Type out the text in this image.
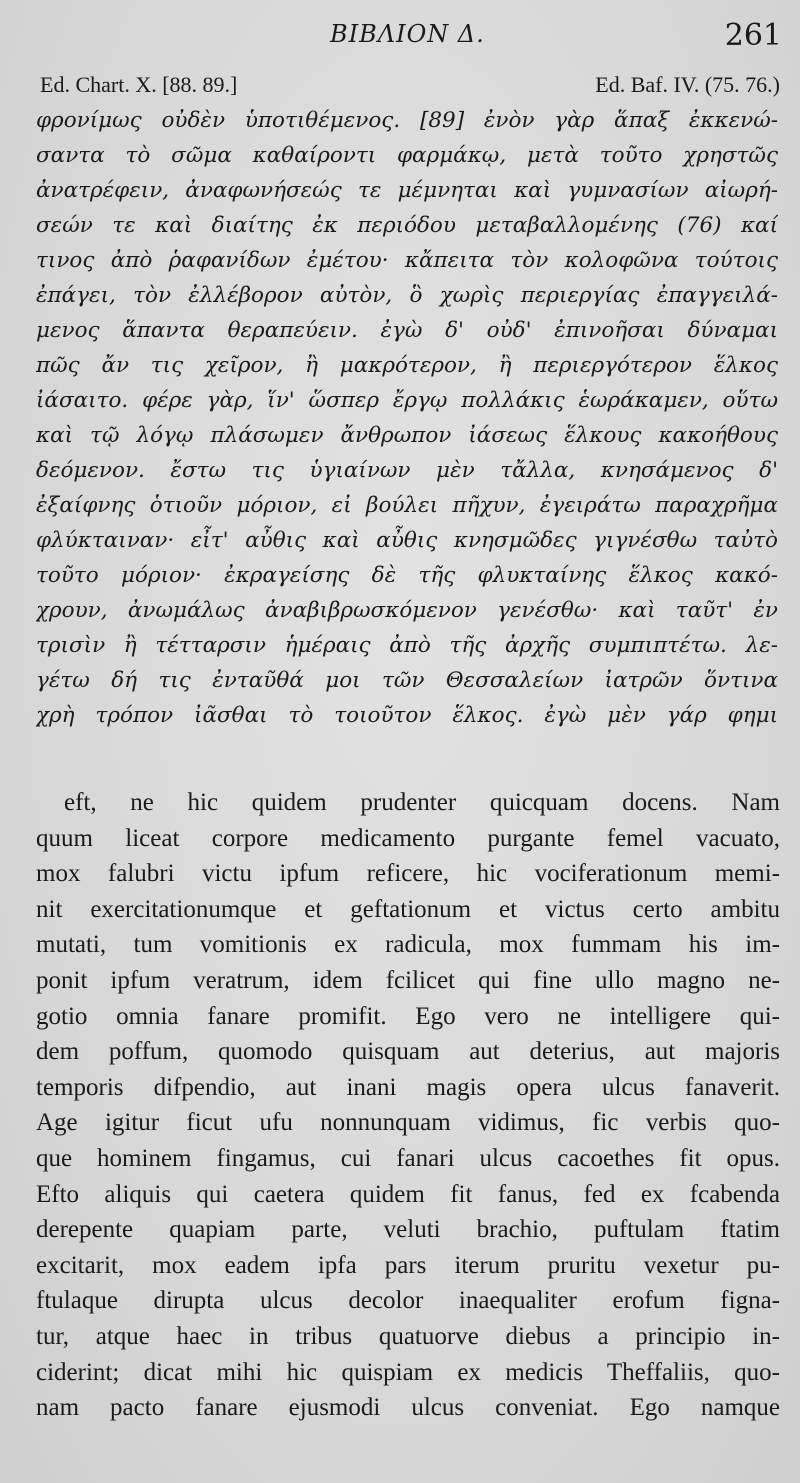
BIBΛΙΟΝ Δ.	261
Ed. Chart. X. [88. 89.]	Ed. Baf. IV. (75. 76.)
φρονίμως οὐδὲν ὑποτιθέμενος. [89] ἐνὸν γὰρ ἅπαξ ἐκκενώ-
σαντα τὸ σῶμα καθαίροντι φαρμάκῳ, μετὰ τοῦτο χρηστῶς
ἀνατρέφειν, ἀναφωνήσεώς τε μέμνηται καὶ γυμνασίων αἰωρή-
σεών τε καὶ διαίτης ἐκ περιόδου μεταβαλλομένης (76) καί
τινος ἀπὸ ῥαφανίδων ἐμέτου· κἄπειτα τὸν κολοφῶνα τούτοις
ἐπάγει, τὸν ἐλλέβορον αὐτὸν, ὃ χωρὶς περιεργίας ἐπαγγειλά-
μενος ἅπαντα θεραπεύειν. ἐγὼ δ' οὐδ' ἐπινοῆσαι δύναμαι
πῶς ἄν τις χεῖρον, ἢ μακρότερον, ἢ περιεργότερον ἕλκος
ἰάσαιτο. φέρε γὰρ, ἵν' ὥσπερ ἔργῳ πολλάκις ἑωράκαμεν, οὕτω
καὶ τῷ λόγῳ πλάσωμεν ἄνθρωπον ἰάσεως ἕλκους κακοήθους
δεόμενον. ἔστω τις ὑγιαίνων μὲν τἄλλα, κνησάμενος δ'
ἐξαίφνης ὁτιοῦν μόριον, εἰ βούλει πῆχυν, ἐγειράτω παραχρῆμα
φλύκταιναν· εἶτ' αὖθις καὶ αὖθις κνησμῶδες γιγνέσθω ταὐτὸ
τοῦτο μόριον· ἐκραγείσης δὲ τῆς φλυκταίνης ἕλκος κακό-
χρουν, ἀνωμάλως ἀναβιβρωσκόμενον γενέσθω· καὶ ταῦτ' ἐν
τρισὶν ἢ τέτταρσιν ἡμέραις ἀπὸ τῆς ἀρχῆς συμπιπτέτω. λε-
γέτω δή τις ἐνταῦθά μοι τῶν Θεσσαλείων ἰατρῶν ὅντινα
χρὴ τρόπον ἰᾶσθαι τὸ τοιοῦτον ἕλκος. ἐγὼ μὲν γάρ φημι
eft, ne hic quidem prudenter quicquam docens. Nam
quum liceat corpore medicamento purgante femel vacuato,
mox falubri victu ipfum reficere, hic vociferationum memi-
nit exercitationumque et geftationum et victus certo ambitu
mutati, tum vomitionis ex radicula, mox fummam his im-
ponit ipfum veratrum, idem fcilicet qui fine ullo magno ne-
gotio omnia fanare promifit. Ego vero ne intelligere qui-
dem poffum, quomodo quisquam aut deterius, aut majoris
temporis difpendio, aut inani magis opera ulcus fanaverit.
Age igitur ficut ufu nonnunquam vidimus, fic verbis quo-
que hominem fingamus, cui fanari ulcus cacoethes fit opus.
Efto aliquis qui caetera quidem fit fanus, fed ex fcabenda
derepente quapiam parte, veluti brachio, puftulam ftatim
excitarit, mox eadem ipfa pars iterum pruritu vexetur pu-
ftulaque dirupta ulcus decolor inaequaliter erofum figna-
tur, atque haec in tribus quatuorve diebus a principio in-
ciderint; dicat mihi hic quispiam ex medicis Theffaliis, quo-
nam pacto fanare ejusmodi ulcus conveniat. Ego namque
